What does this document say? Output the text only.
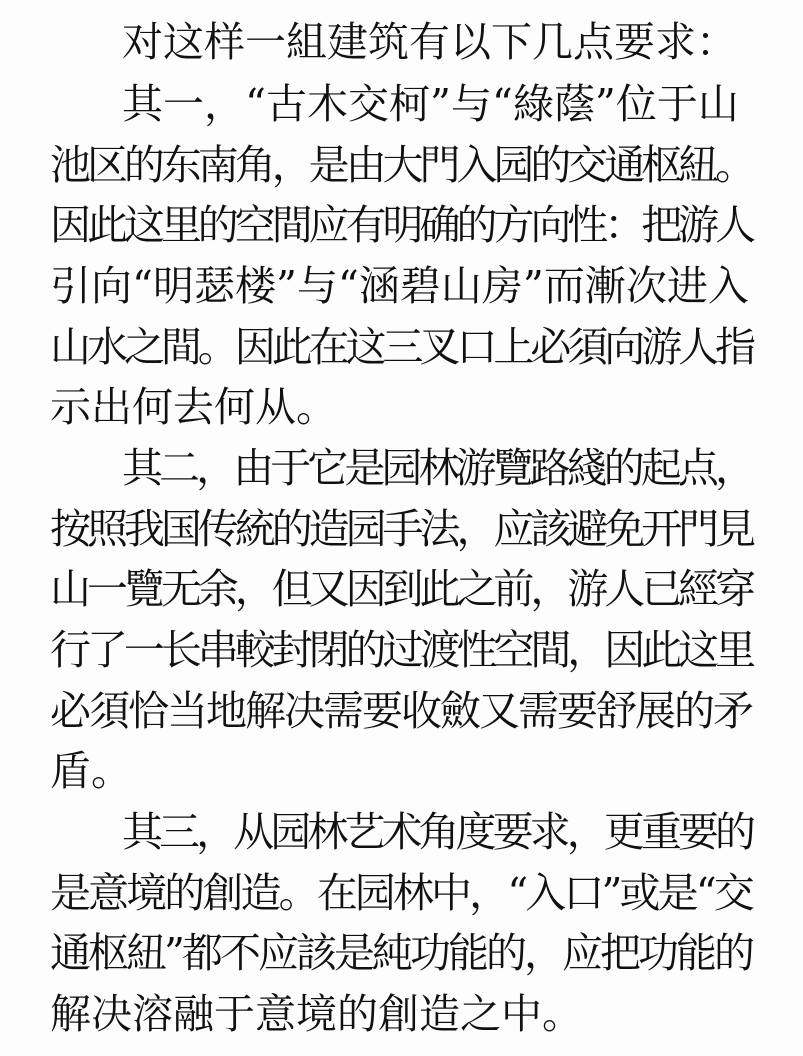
对这样一組建筑有以下几点要求：
其一，“古木交柯”与“綠蔭”位于山
池区的东南角，是由大門入园的交通枢紐。
因此这里的空間应有明确的方向性：把游人
引向“明瑟楼”与“涵碧山房”而漸次进入
山水之間。因此在这三叉口上必須向游人指
示出何去何从。
其二，由于它是园林游覽路綫的起点，
按照我国传統的造园手法，应該避免开門見
山一覽无余，但又因到此之前，游人已經穿
行了一长串較封閉的过渡性空間，因此这里
必須恰当地解决需要收斂又需要舒展的矛
盾。
其三，从园林艺术角度要求，更重要的
是意境的創造。在园林中，“入口”或是“交
通枢紐”都不应該是純功能的，应把功能的
解决溶融于意境的創造之中。
